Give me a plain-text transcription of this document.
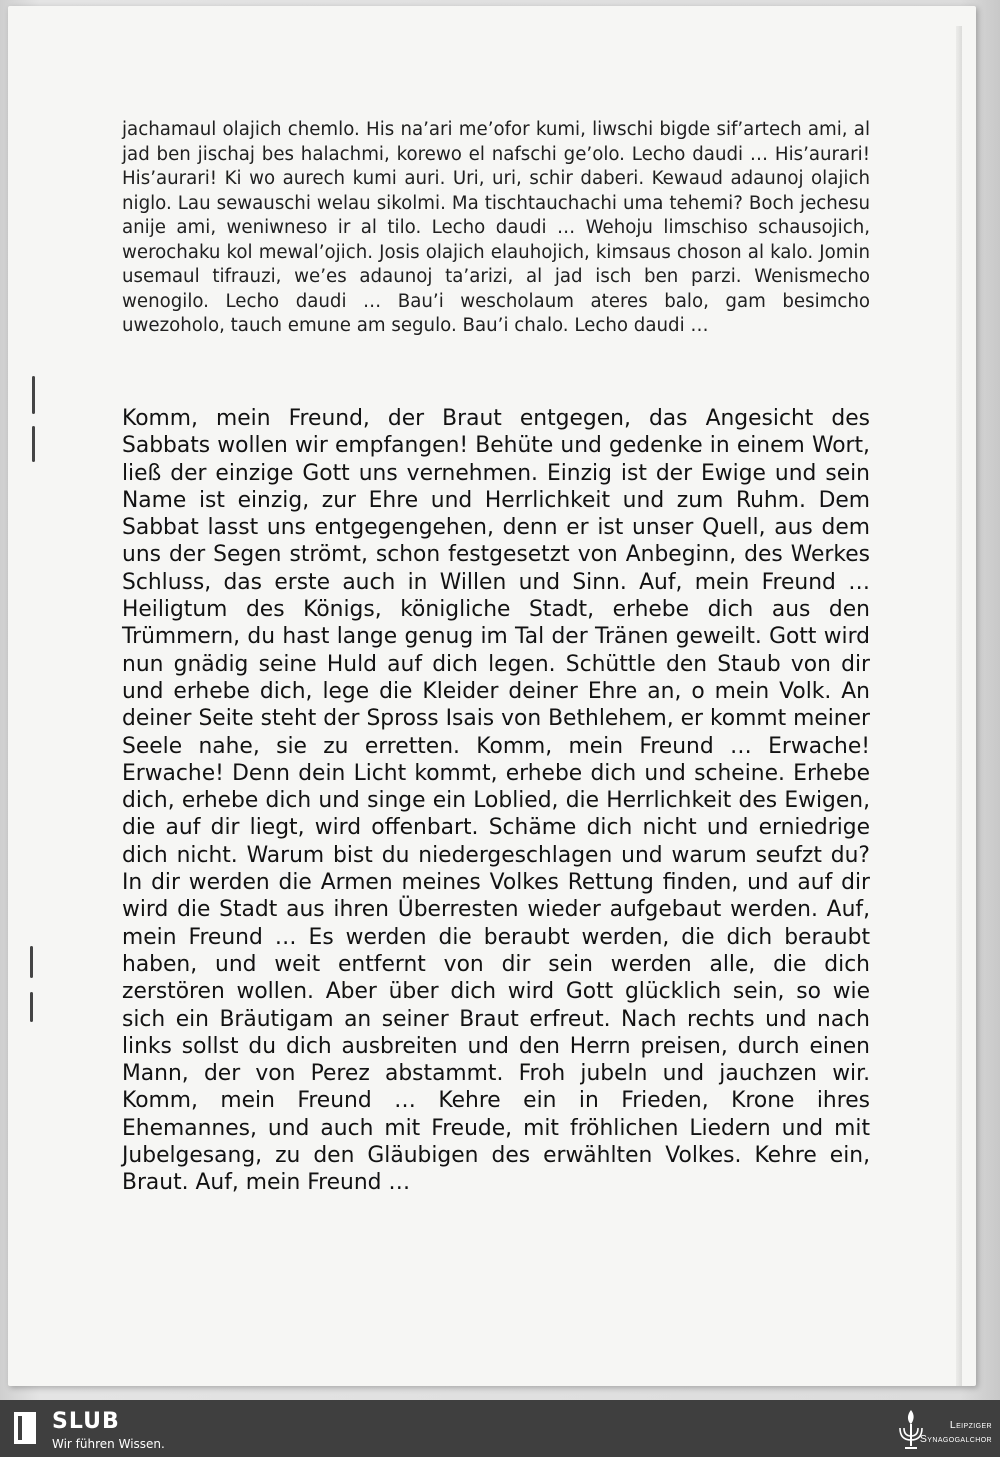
jachamaul olajich chemlo. His na’ari me’ofor kumi, liwschi bigde sif’artech ami, al jad ben jischaj bes halachmi, korewo el nafschi ge’olo. Lecho daudi … His’aurari! His’aurari! Ki wo aurech kumi auri. Uri, uri, schir daberi. Kewaud adaunoj olajich niglo. Lau sewauschi welau sikolmi. Ma tischtauchachi uma tehemi? Boch jechesu anije ami, weniwneso ir al tilo. Lecho daudi … Wehoju limschiso schausojich, werochaku kol mewal’ojich. Josis olajich elauhojich, kimsaus choson al kalo. Jomin usemaul tifrauzi, we’es adaunoj ta’arizi, al jad isch ben parzi. Wenismecho wenogilo. Lecho daudi … Bau’i wescholaum ateres balo, gam besimcho uwezoholo, tauch emune am segulo. Bau’i chalo. Lecho daudi …
Komm, mein Freund, der Braut entgegen, das Angesicht des Sabbats wollen wir empfangen! Behüte und gedenke in einem Wort, ließ der einzige Gott uns vernehmen. Einzig ist der Ewige und sein Name ist einzig, zur Ehre und Herrlichkeit und zum Ruhm. Dem Sabbat lasst uns entgegengehen, denn er ist unser Quell, aus dem uns der Segen strömt, schon festgesetzt von Anbeginn, des Werkes Schluss, das erste auch in Willen und Sinn. Auf, mein Freund … Heiligtum des Königs, königliche Stadt, erhebe dich aus den Trümmern, du hast lange genug im Tal der Tränen geweilt. Gott wird nun gnädig seine Huld auf dich legen. Schüttle den Staub von dir und erhebe dich, lege die Kleider deiner Ehre an, o mein Volk. An deiner Seite steht der Spross Isais von Bethlehem, er kommt meiner Seele nahe, sie zu erretten. Komm, mein Freund … Erwache! Erwache! Denn dein Licht kommt, erhebe dich und scheine. Erhebe dich, erhebe dich und singe ein Loblied, die Herrlichkeit des Ewigen, die auf dir liegt, wird offenbart. Schäme dich nicht und erniedrige dich nicht. Warum bist du niedergeschlagen und warum seufzt du? In dir werden die Armen meines Volkes Rettung finden, und auf dir wird die Stadt aus ihren Überresten wieder aufgebaut werden. Auf, mein Freund … Es werden die beraubt werden, die dich beraubt haben, und weit entfernt von dir sein werden alle, die dich zerstören wollen. Aber über dich wird Gott glücklich sein, so wie sich ein Bräutigam an seiner Braut erfreut. Nach rechts und nach links sollst du dich ausbreiten und den Herrn preisen, durch einen Mann, der von Perez abstammt. Froh jubeln und jauchzen wir. Komm, mein Freund … Kehre ein in Frieden, Krone ihres Ehemannes, und auch mit Freude, mit fröhlichen Liedern und mit Jubelgesang, zu den Gläubigen des erwählten Volkes. Kehre ein, Braut. Auf, mein Freund …
SLUB
Wir führen Wissen.
Leipziger
Synagogalchor
